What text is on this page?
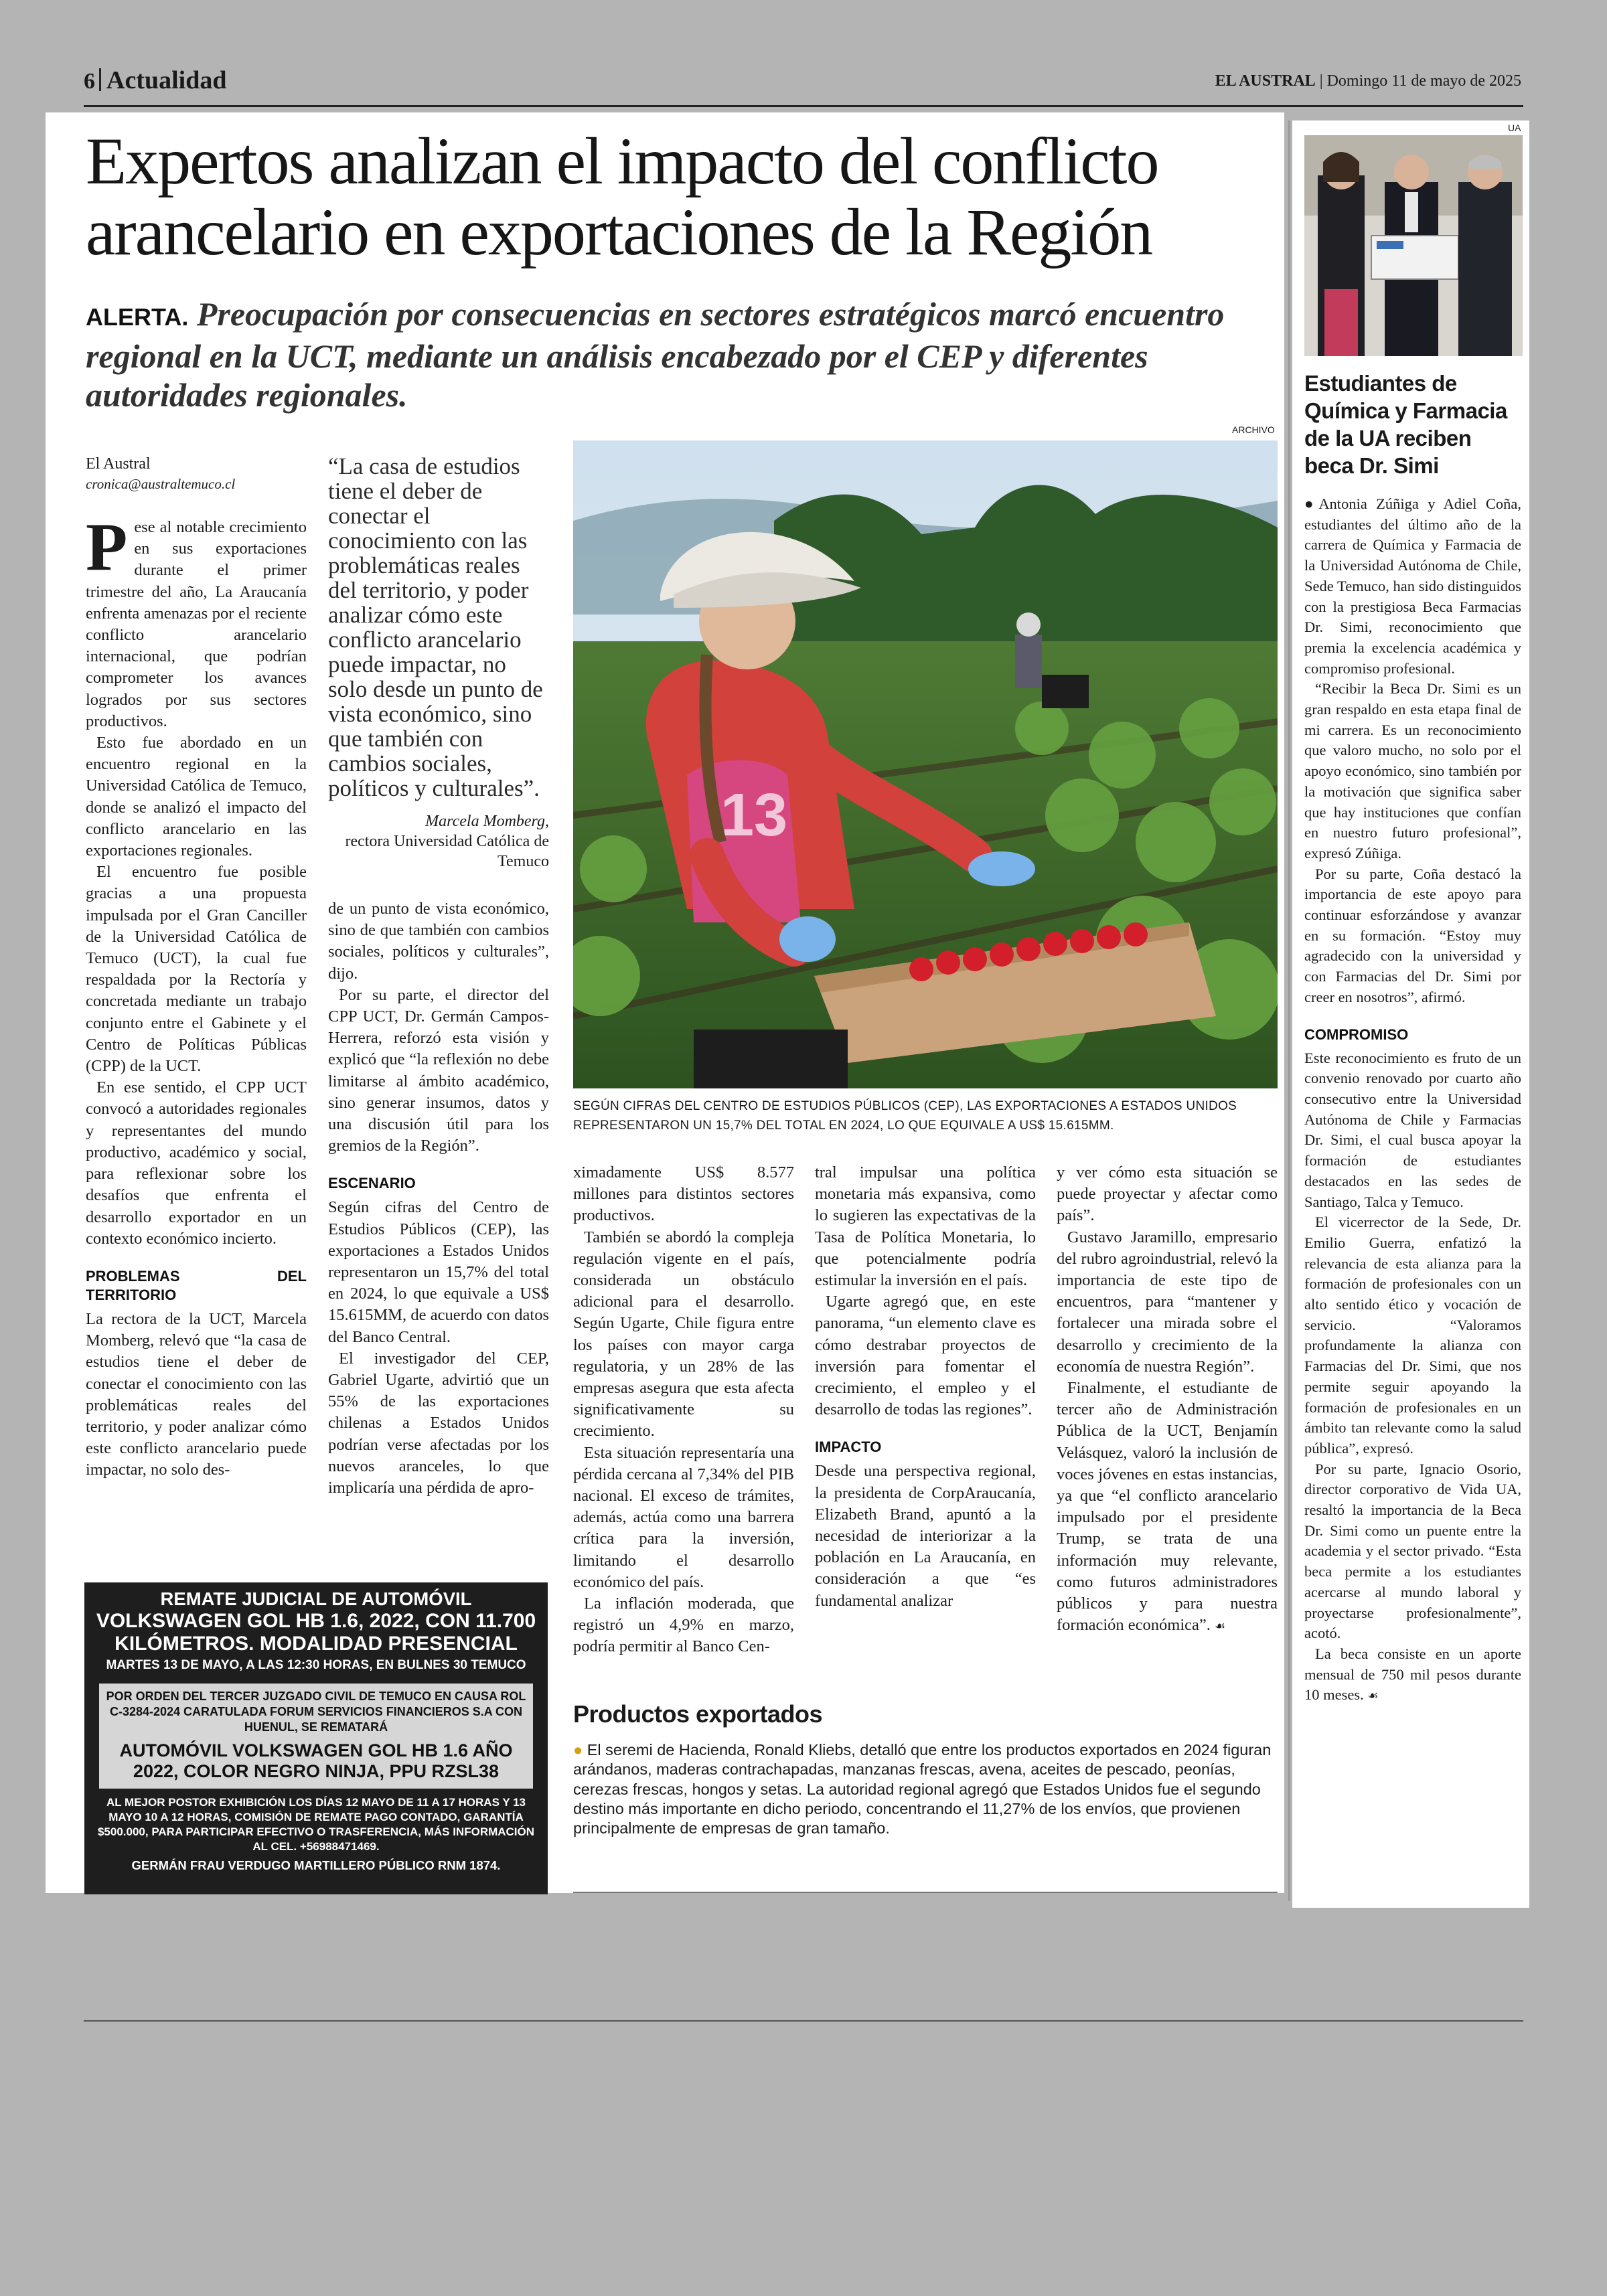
6 Actualidad	EL AUSTRAL | Domingo 11 de mayo de 2025
Expertos analizan el impacto del conflicto
arancelario en exportaciones de la Región
ALERTA. Preocupación por consecuencias en sectores estratégicos marcó encuentro regional en la UCT, mediante un análisis encabezado por el CEP y diferentes autoridades regionales.
El Austral
cronica@australtemuco.cl

Pese al notable crecimiento en sus exportaciones durante el primer trimestre del año, La Araucanía enfrenta amenazas por el reciente conflicto arancelario internacional, que podrían comprometer los avances logrados por sus sectores productivos.

Esto fue abordado en un encuentro regional en la Universidad Católica de Temuco, donde se analizó el impacto del conflicto arancelario en las exportaciones regionales.

El encuentro fue posible gracias a una propuesta impulsada por el Gran Canciller de la Universidad Católica de Temuco (UCT), la cual fue respaldada por la Rectoría y concretada mediante un trabajo conjunto entre el Gabinete y el Centro de Políticas Públicas (CPP) de la UCT.

En ese sentido, el CPP UCT convocó a autoridades regionales y representantes del mundo productivo, académico y social, para reflexionar sobre los desafíos que enfrenta el desarrollo exportador en un contexto económico incierto.

PROBLEMAS DEL TERRITORIO

La rectora de la UCT, Marcela Momberg, relevó que “la casa de estudios tiene el deber de conectar el conocimiento con las problemáticas reales del territorio, y poder analizar cómo este conflicto arancelario puede impactar, no solo des-

“La casa de estudios tiene el deber de conectar el conocimiento con las problemáticas reales del territorio, y poder analizar cómo este conflicto arancelario puede impactar, no solo desde un punto de vista económico, sino que también con cambios sociales, políticos y culturales”.
Marcela Momberg,
rectora Universidad Católica de Temuco

de un punto de vista económico, sino de que también con cambios sociales, políticos y culturales”, dijo.

Por su parte, el director del CPP UCT, Dr. Germán Campos-Herrera, reforzó esta visión y explicó que “la reflexión no debe limitarse al ámbito académico, sino generar insumos, datos y una discusión útil para los gremios de la Región”.

ESCENARIO

Según cifras del Centro de Estudios Públicos (CEP), las exportaciones a Estados Unidos representaron un 15,7% del total en 2024, lo que equivale a US$ 15.615MM, de acuerdo con datos del Banco Central.

El investigador del CEP, Gabriel Ugarte, advirtió que un 55% de las exportaciones chilenas a Estados Unidos podrían verse afectadas por los nuevos aranceles, lo que implicaría una pérdida de apro-

ARCHIVO
13
SEGÚN CIFRAS DEL CENTRO DE ESTUDIOS PÚBLICOS (CEP), LAS EXPORTACIONES A ESTADOS UNIDOS REPRESENTARON UN 15,7% DEL TOTAL EN 2024, LO QUE EQUIVALE A US$ 15.615MM.

ximadamente US$ 8.577 millones para distintos sectores productivos.

También se abordó la compleja regulación vigente en el país, considerada un obstáculo adicional para el desarrollo. Según Ugarte, Chile figura entre los países con mayor carga regulatoria, y un 28% de las empresas asegura que esta afecta significativamente su crecimiento.

Esta situación representaría una pérdida cercana al 7,34% del PIB nacional. El exceso de trámites, además, actúa como una barrera crítica para la inversión, limitando el desarrollo económico del país.

La inflación moderada, que registró un 4,9% en marzo, podría permitir al Banco Cen-

tral impulsar una política monetaria más expansiva, como lo sugieren las expectativas de la Tasa de Política Monetaria, lo que potencialmente podría estimular la inversión en el país.

Ugarte agregó que, en este panorama, “un elemento clave es cómo destrabar proyectos de inversión para fomentar el crecimiento, el empleo y el desarrollo de todas las regiones”.

IMPACTO

Desde una perspectiva regional, la presidenta de CorpAraucanía, Elizabeth Brand, apuntó a la necesidad de interiorizar a la población en La Araucanía, en consideración a que “es fundamental analizar

y ver cómo esta situación se puede proyectar y afectar como país”.

Gustavo Jaramillo, empresario del rubro agroindustrial, relevó la importancia de este tipo de encuentros, para “mantener y fortalecer una mirada sobre el desarrollo y crecimiento de la economía de nuestra Región”.

Finalmente, el estudiante de tercer año de Administración Pública de la UCT, Benjamín Velásquez, valoró la inclusión de voces jóvenes en estas instancias, ya que “el conflicto arancelario impulsado por el presidente Trump, se trata de una información muy relevante, como futuros administradores públicos y para nuestra formación económica”. ☙

Productos exportados
● El seremi de Hacienda, Ronald Kliebs, detalló que entre los productos exportados en 2024 figuran arándanos, maderas contrachapadas, manzanas frescas, avena, aceites de pescado, peonías, cerezas frescas, hongos y setas. La autoridad regional agregó que Estados Unidos fue el segundo destino más importante en dicho periodo, concentrando el 11,27% de los envíos, que provienen principalmente de empresas de gran tamaño.
REMATE JUDICIAL DE AUTOMÓVIL
VOLKSWAGEN GOL HB 1.6, 2022, CON 11.700
KILÓMETROS. MODALIDAD PRESENCIAL
MARTES 13 DE MAYO, A LAS 12:30 HORAS, EN BULNES 30 TEMUCO
POR ORDEN DEL TERCER JUZGADO CIVIL DE TEMUCO EN CAUSA ROL C-3284-2024 CARATULADA FORUM SERVICIOS FINANCIEROS S.A CON HUENUL, SE REMATARÁ
AUTOMÓVIL VOLKSWAGEN GOL HB 1.6 AÑO 2022, COLOR NEGRO NINJA, PPU RZSL38
AL MEJOR POSTOR EXHIBICIÓN LOS DÍAS 12 MAYO DE 11 A 17 HORAS Y 13 MAYO 10 A 12 HORAS, COMISIÓN DE REMATE PAGO CONTADO, GARANTÍA $500.000, PARA PARTICIPAR EFECTIVO O TRASFERENCIA, MÁS INFORMACIÓN AL CEL. +56988471469.
GERMÁN FRAU VERDUGO MARTILLERO PÚBLICO RNM 1874.
UA
Estudiantes de Química y Farmacia de la UA reciben beca Dr. Simi

●Antonia Zúñiga y Adiel Coña, estudiantes del último año de la carrera de Química y Farmacia de la Universidad Autónoma de Chile, Sede Temuco, han sido distinguidos con la prestigiosa Beca Farmacias Dr. Simi, reconocimiento que premia la excelencia académica y compromiso profesional.

“Recibir la Beca Dr. Simi es un gran respaldo en esta etapa final de mi carrera. Es un reconocimiento que valoro mucho, no solo por el apoyo económico, sino también por la motivación que significa saber que hay instituciones que confían en nuestro futuro profesional”, expresó Zúñiga.

Por su parte, Coña destacó la importancia de este apoyo para continuar esforzándose y avanzar en su formación. “Estoy muy agradecido con la universidad y con Farmacias del Dr. Simi por creer en nosotros”, afirmó.

COMPROMISO

Este reconocimiento es fruto de un convenio renovado por cuarto año consecutivo entre la Universidad Autónoma de Chile y Farmacias Dr. Simi, el cual busca apoyar la formación de estudiantes destacados en las sedes de Santiago, Talca y Temuco.

El vicerrector de la Sede, Dr. Emilio Guerra, enfatizó la relevancia de esta alianza para la formación de profesionales con un alto sentido ético y vocación de servicio. “Valoramos profundamente la alianza con Farmacias del Dr. Simi, que nos permite seguir apoyando la formación de profesionales en un ámbito tan relevante como la salud pública”, expresó.

Por su parte, Ignacio Osorio, director corporativo de Vida UA, resaltó la importancia de la Beca Dr. Simi como un puente entre la academia y el sector privado. “Esta beca permite a los estudiantes acercarse al mundo laboral y proyectarse profesionalmente”, acotó.

La beca consiste en un aporte mensual de 750 mil pesos durante 10 meses. ☙
